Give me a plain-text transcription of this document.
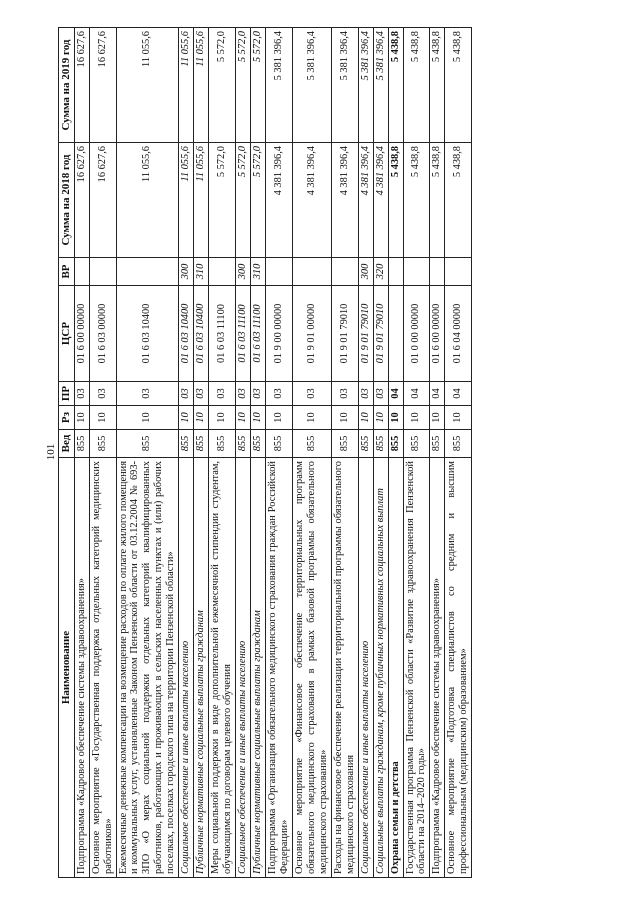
101
Наименование	Вед	Рз	ПР	ЦСР	ВР	Сумма на 2018 год	Сумма на 2019 год
Подпрограмма «Кадровое обеспечение системы здравоохранения»	855	10	03	01 6 00 00000		16 627,6	16 627,6
Основное мероприятие «Государственная поддержка отдельных категорий медицинских работников»	855	10	03	01 6 03 00000		16 627,6	16 627,6
Ежемесячные денежные компенсации на возмещение расходов по оплате жилого помещения и коммунальных услуг, установленные Законом Пензенской области от 03.12.2004 № 693-ЗПО «О мерах социальной поддержки отдельных категорий квалифицированных работников, работающих и проживающих в сельских населенных пунктах и (или) рабочих поселках, поселках городского типа на территории Пензенской области»	855	10	03	01 6 03 10400		11 055,6	11 055,6
Социальное обеспечение и иные выплаты населению	855	10	03	01 6 03 10400	300	11 055,6	11 055,6
Публичные нормативные социальные выплаты гражданам	855	10	03	01 6 03 10400	310	11 055,6	11 055,6
Меры социальной поддержки в виде дополнительной ежемесячной стипендии студентам, обучающимся по договорам целевого обучения	855	10	03	01 6 03 11100		5 572,0	5 572,0
Социальное обеспечение и иные выплаты населению	855	10	03	01 6 03 11100	300	5 572,0	5 572,0
Публичные нормативные социальные выплаты гражданам	855	10	03	01 6 03 11100	310	5 572,0	5 572,0
Подпрограмма «Организация обязательного медицинского страхования граждан Российской Федерации»	855	10	03	01 9 00 00000		4 381 396,4	5 381 396,4
Основное мероприятие «Финансовое обеспечение территориальных программ обязательного медицинского страхования в рамках базовой программы обязательного медицинского страхования»	855	10	03	01 9 01 00000		4 381 396,4	5 381 396,4
Расходы на финансовое обеспечение реализации территориальной программы обязательного медицинского страхования	855	10	03	01 9 01 79010		4 381 396,4	5 381 396,4
Социальное обеспечение и иные выплаты населению	855	10	03	01 9 01 79010	300	4 381 396,4	5 381 396,4
Социальные выплаты гражданам, кроме публичных нормативных социальных выплат	855	10	03	01 9 01 79010	320	4 381 396,4	5 381 396,4
Охрана семьи и детства	855	10	04			5 438,8	5 438,8
Государственная программа Пензенской области «Развитие здравоохранения Пензенской области на 2014–2020 годы»	855	10	04	01 0 00 00000		5 438,8	5 438,8
Подпрограмма «Кадровое обеспечение системы здравоохранения»	855	10	04	01 6 00 00000		5 438,8	5 438,8
Основное мероприятие «Подготовка специалистов со средним и высшим профессиональным (медицинским) образованием»	855	10	04	01 6 04 00000		5 438,8	5 438,8
